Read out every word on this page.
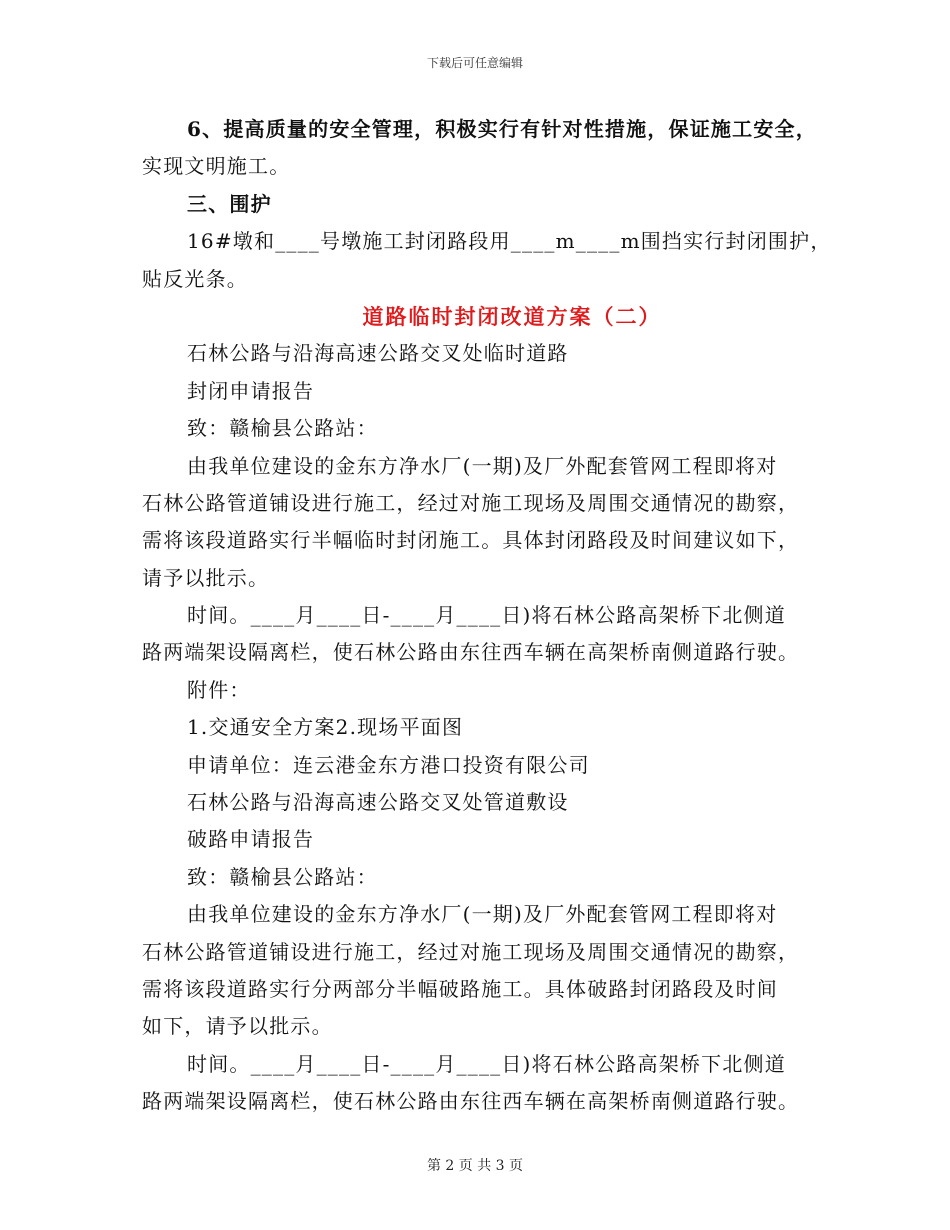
下载后可任意编辑
6、提高质量的安全管理，积极实行有针对性措施，保证施工安全，
实现文明施工。
三、围护
16#墩和____号墩施工封闭路段用____m____m围挡实行封闭围护，
贴反光条。
道路临时封闭改道方案（二）
石林公路与沿海高速公路交叉处临时道路
封闭申请报告
致：赣榆县公路站：
由我单位建设的金东方净水厂(一期)及厂外配套管网工程即将对
石林公路管道铺设进行施工，经过对施工现场及周围交通情况的勘察，
需将该段道路实行半幅临时封闭施工。具体封闭路段及时间建议如下，
请予以批示。
时间。____月____日-____月____日)将石林公路高架桥下北侧道
路两端架设隔离栏，使石林公路由东往西车辆在高架桥南侧道路行驶。
附件：
1.交通安全方案2.现场平面图
申请单位：连云港金东方港口投资有限公司
石林公路与沿海高速公路交叉处管道敷设
破路申请报告
致：赣榆县公路站：
由我单位建设的金东方净水厂(一期)及厂外配套管网工程即将对
石林公路管道铺设进行施工，经过对施工现场及周围交通情况的勘察，
需将该段道路实行分两部分半幅破路施工。具体破路封闭路段及时间
如下，请予以批示。
时间。____月____日-____月____日)将石林公路高架桥下北侧道
路两端架设隔离栏，使石林公路由东往西车辆在高架桥南侧道路行驶。
第 2 页 共 3 页
